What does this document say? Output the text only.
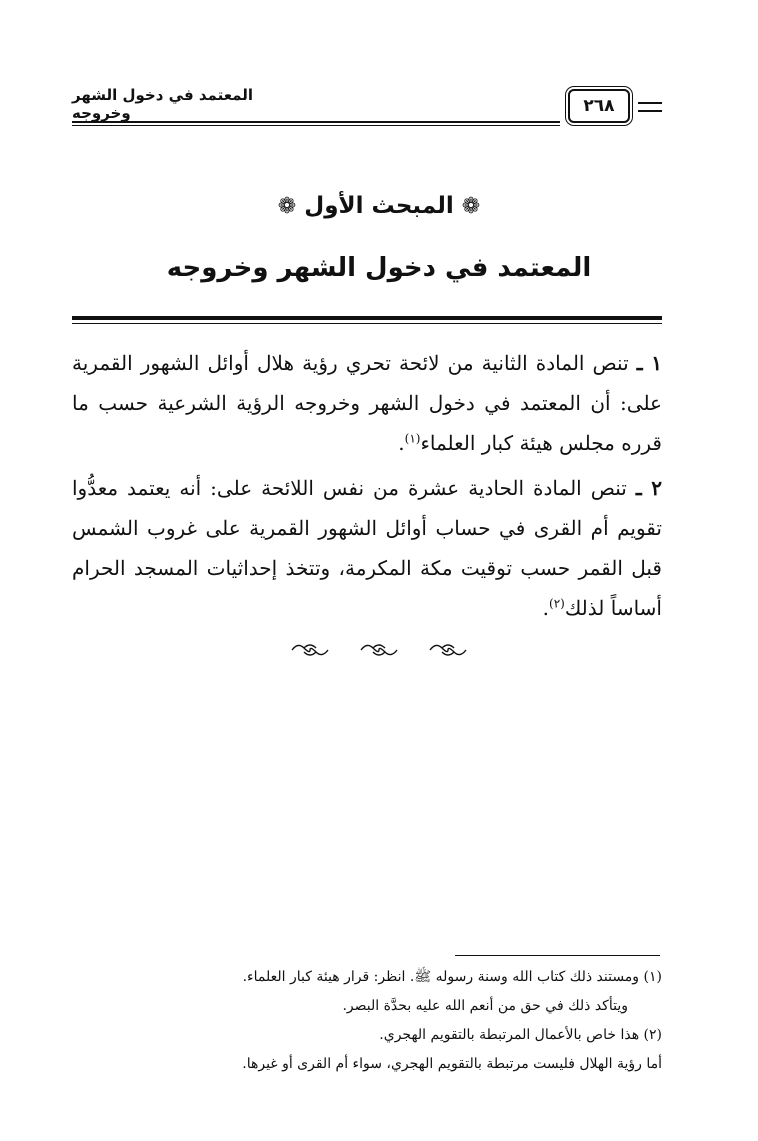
المعتمد في دخول الشهر وخروجه	٢٦٨
❁المبحث الأول❁
المعتمد في دخول الشهر وخروجه
١ ـ تنص المادة الثانية من لائحة تحري رؤية هلال أوائل الشهور القمرية على: أن المعتمد في دخول الشهر وخروجه الرؤية الشرعية حسب ما قرره مجلس هيئة كبار العلماء$^{(١)}$.
٢ ـ تنص المادة الحادية عشرة من نفس اللائحة على: أنه يعتمد معدُّوا تقويم أم القرى في حساب أوائل الشهور القمرية على غروب الشمس قبل القمر حسب توقيت مكة المكرمة، وتتخذ إحداثيات المسجد الحرام أساساً لذلك$^{(٢)}$.

(١) ومستند ذلك كتاب الله وسنة رسوله ﷺ. انظر: قرار هيئة كبار العلماء.
ويتأكد ذلك في حق من أنعم الله عليه بحدَّة البصر.
(٢) هذا خاص بالأعمال المرتبطة بالتقويم الهجري.
أما رؤية الهلال فليست مرتبطة بالتقويم الهجري، سواء أم القرى أو غيرها.
